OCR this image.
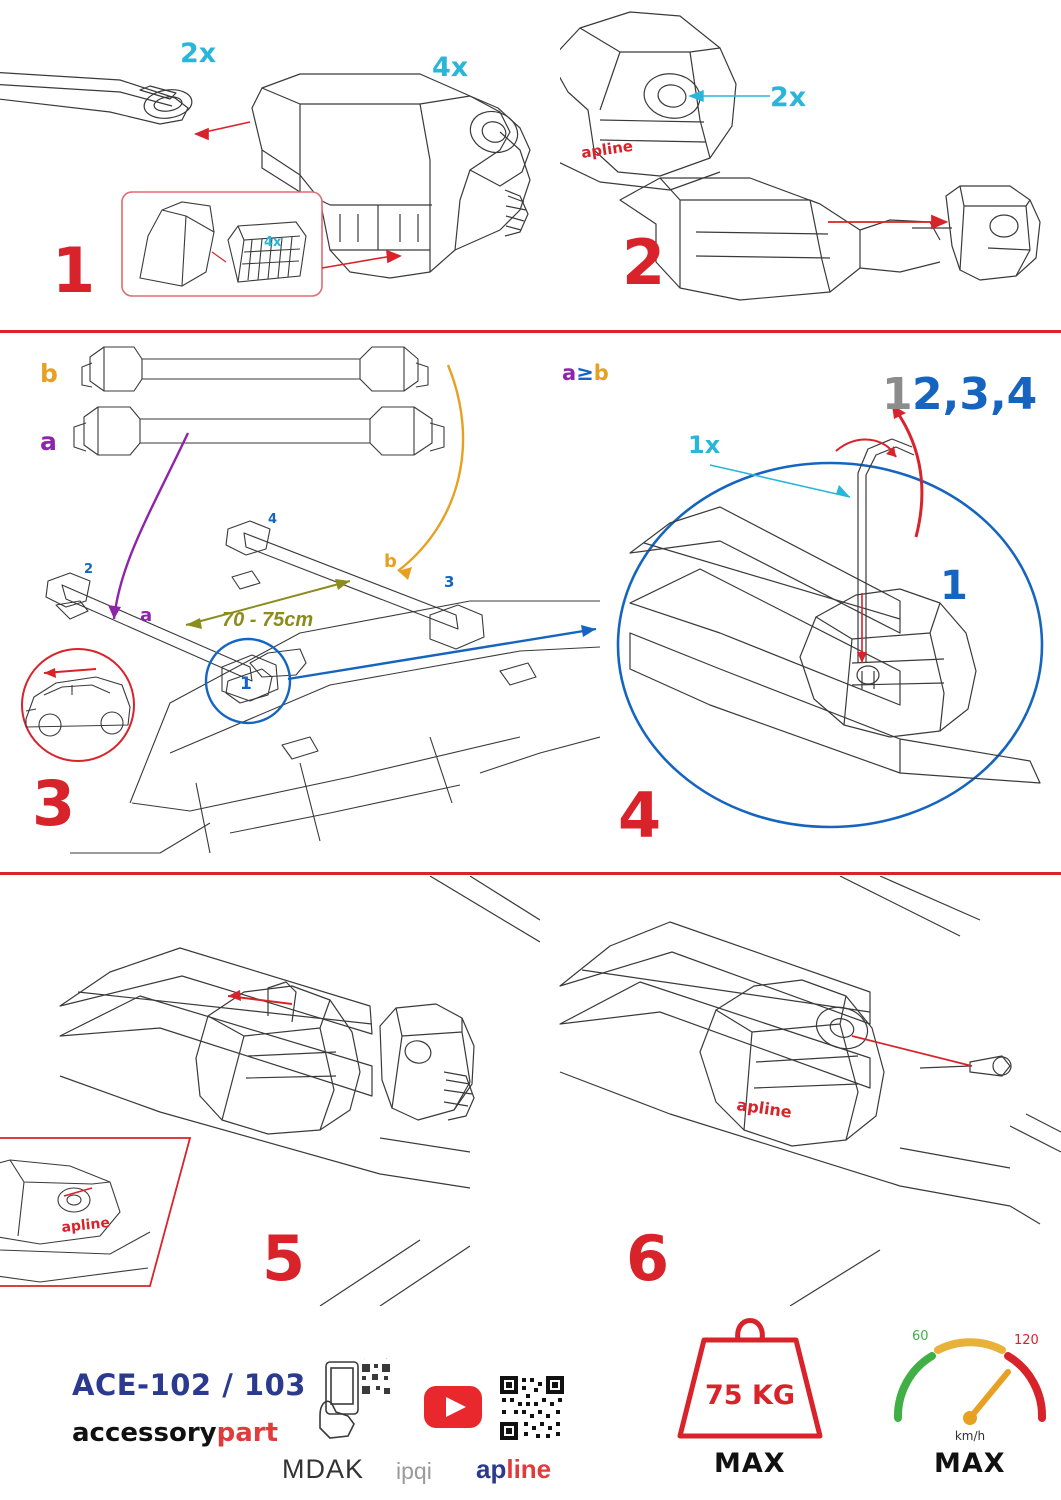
4x
2x	4x
1
apline
2x
2
2
4
3
1
b
a
a
b
70 - 75cm
3
a≥b
1x
1 2,3,4
1
4
apline 5
apline
6
ACE-102 / 103
accessorypart
MDAK ipqi apline
75 KG
MAX
60	120
km/h
MAX
